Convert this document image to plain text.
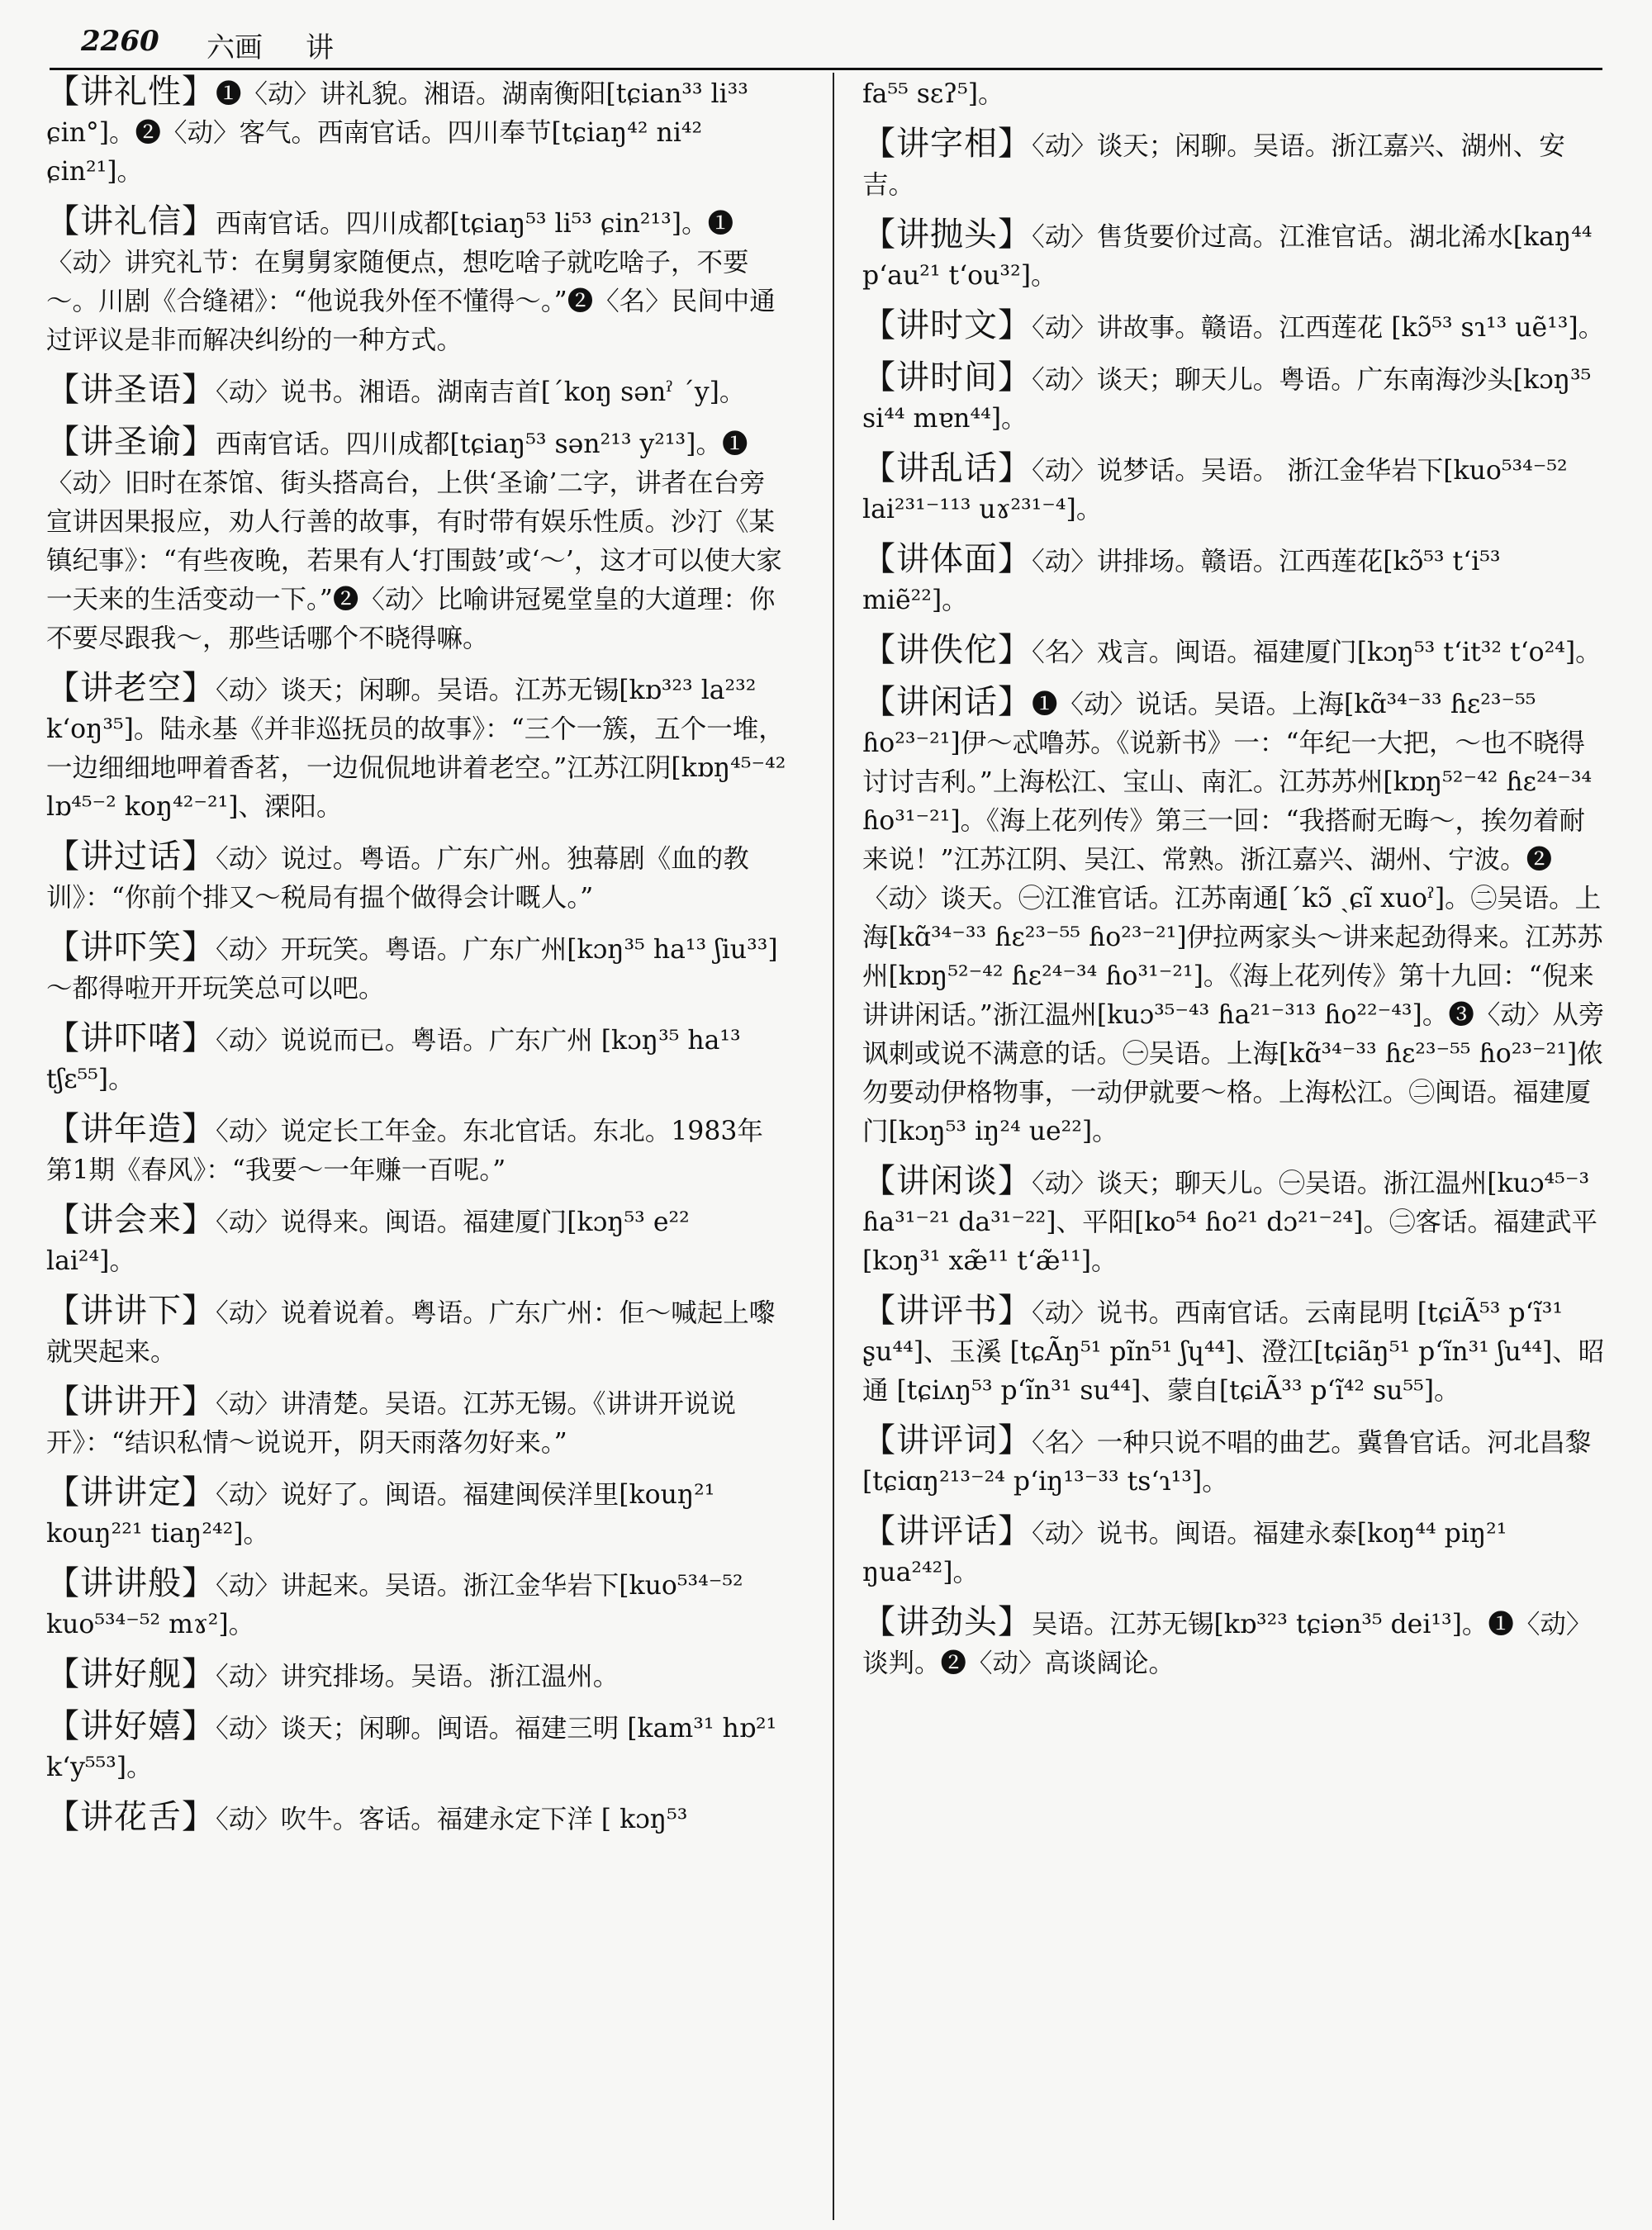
2260 六画 讲
【讲礼性】❶〈动〉讲礼貌。湘语。湖南衡阳[tɕian³³ li³³ ɕin°]。❷〈动〉客气。西南官话。四川奉节[tɕiaŋ⁴² ni⁴² ɕin²¹]。
【讲礼信】西南官话。四川成都[tɕiaŋ⁵³ li⁵³ ɕin²¹³]。❶〈动〉讲究礼节：在舅舅家随便点，想吃啥子就吃啥子，不要～。川剧《合缝裙》：“他说我外侄不懂得～。”❷〈名〉民间中通过评议是非而解决纠纷的一种方式。
【讲圣语】〈动〉说书。湘语。湖南吉首[ˊkoŋ sənˀ ˊy]。
【讲圣谕】西南官话。四川成都[tɕiaŋ⁵³ sən²¹³ y²¹³]。❶〈动〉旧时在茶馆、街头搭高台，上供‘圣谕’二字，讲者在台旁宣讲因果报应，劝人行善的故事，有时带有娱乐性质。沙汀《某镇纪事》：“有些夜晚，若果有人‘打围鼓’或‘～’，这才可以使大家一天来的生活变动一下。”❷〈动〉比喻讲冠冕堂皇的大道理：你不要尽跟我～，那些话哪个不晓得嘛。
【讲老空】〈动〉谈天；闲聊。吴语。江苏无锡[kɒ³²³ la²³² k‘oŋ³⁵]。陆永基《并非巡抚员的故事》：“三个一簇，五个一堆，一边细细地呷着香茗，一边侃侃地讲着老空。”江苏江阴[kɒŋ⁴⁵⁻⁴² lɒ⁴⁵⁻² koŋ⁴²⁻²¹]、溧阳。
【讲过话】〈动〉说过。粤语。广东广州。独幕剧《血的教训》：“你前个排又～税局有揾个做得会计嘅人。”
【讲吓笑】〈动〉开玩笑。粤语。广东广州[kɔŋ³⁵ ha¹³ ʃiu³³]～都得啦开开玩笑总可以吧。
【讲吓啫】〈动〉说说而已。粤语。广东广州 [kɔŋ³⁵ ha¹³ tʃɛ⁵⁵]。
【讲年造】〈动〉说定长工年金。东北官话。东北。1983年第1期《春风》：“我要～一年赚一百呢。”
【讲会来】〈动〉说得来。闽语。福建厦门[kɔŋ⁵³ e²² lai²⁴]。
【讲讲下】〈动〉说着说着。粤语。广东广州：佢～喊起上嚟就哭起来。
【讲讲开】〈动〉讲清楚。吴语。江苏无锡。《讲讲开说说开》：“结识私情～说说开，阴天雨落勿好来。”
【讲讲定】〈动〉说好了。闽语。福建闽侯洋里[kouŋ²¹ kouŋ²²¹ tiaŋ²⁴²]。
【讲讲般】〈动〉讲起来。吴语。浙江金华岩下[kuo⁵³⁴⁻⁵² kuo⁵³⁴⁻⁵² mɤ²]。
【讲好舰】〈动〉讲究排场。吴语。浙江温州。
【讲好嬉】〈动〉谈天；闲聊。闽语。福建三明 [kam³¹ hɒ²¹ k‘y⁵⁵³]。
【讲花舌】〈动〉吹牛。客话。福建永定下洋 [ kɔŋ⁵³
fa⁵⁵ sɛʔ⁵]。
【讲字相】〈动〉谈天；闲聊。吴语。浙江嘉兴、湖州、安吉。
【讲抛头】〈动〉售货要价过高。江淮官话。湖北浠水[kaŋ⁴⁴ p‘au²¹ t‘ou³²]。
【讲时文】〈动〉讲故事。赣语。江西莲花 [kɔ̃⁵³ sɿ¹³ uẽ¹³]。
【讲时间】〈动〉谈天；聊天儿。粤语。广东南海沙头[kɔŋ³⁵ si⁴⁴ mɐn⁴⁴]。
【讲乱话】〈动〉说梦话。吴语。 浙江金华岩下[kuo⁵³⁴⁻⁵² lai²³¹⁻¹¹³ uɤ²³¹⁻⁴]。
【讲体面】〈动〉讲排场。赣语。江西莲花[kɔ̃⁵³ t‘i⁵³ miẽ²²]。
【讲佚佗】〈名〉戏言。闽语。福建厦门[kɔŋ⁵³ t‘it³² t‘o²⁴]。
【讲闲话】❶〈动〉说话。吴语。上海[kɑ̃³⁴⁻³³ ɦɛ²³⁻⁵⁵ ɦo²³⁻²¹]伊～忒噜苏。《说新书》一：“年纪一大把，～也不晓得讨讨吉利。”上海松江、宝山、南汇。江苏苏州[kɒŋ⁵²⁻⁴² ɦɛ²⁴⁻³⁴ ɦo³¹⁻²¹]。《海上花列传》第三一回：“我搭耐无晦～，挨勿着耐来说！”江苏江阴、吴江、常熟。浙江嘉兴、湖州、宁波。❷〈动〉谈天。㊀江淮官话。江苏南通[ˊkɔ̃ ˏɕĩ xuoˀ]。㊁吴语。上海[kɑ̃³⁴⁻³³ ɦɛ²³⁻⁵⁵ ɦo²³⁻²¹]伊拉两家头～讲来起劲得来。江苏苏州[kɒŋ⁵²⁻⁴² ɦɛ²⁴⁻³⁴ ɦo³¹⁻²¹]。《海上花列传》第十九回：“倪来讲讲闲话。”浙江温州[kuɔ³⁵⁻⁴³ ɦa²¹⁻³¹³ ɦo²²⁻⁴³]。❸〈动〉从旁讽刺或说不满意的话。㊀吴语。上海[kɑ̃³⁴⁻³³ ɦɛ²³⁻⁵⁵ ɦo²³⁻²¹]侬勿要动伊格物事，一动伊就要～格。上海松江。㊁闽语。福建厦门[kɔŋ⁵³ iŋ²⁴ ue²²]。
【讲闲谈】〈动〉谈天；聊天儿。㊀吴语。浙江温州[kuɔ⁴⁵⁻³ ɦa³¹⁻²¹ da³¹⁻²²]、平阳[ko⁵⁴ ɦo²¹ dɔ²¹⁻²⁴]。㊁客话。福建武平[kɔŋ³¹ xæ̃¹¹ t‘æ̃¹¹]。
【讲评书】〈动〉说书。西南官话。云南昆明 [tɕiÃ⁵³ p‘ĩ³¹ ʂu⁴⁴]、玉溪 [tɕÃŋ⁵¹ pĩn⁵¹ ʃɥ⁴⁴]、澄江[tɕiãŋ⁵¹ p‘ĩn³¹ ʃu⁴⁴]、昭通 [tɕiʌŋ⁵³ p‘ĩn³¹ su⁴⁴]、蒙自[tɕiÃ³³ p‘ĩ⁴² su⁵⁵]。
【讲评词】〈名〉一种只说不唱的曲艺。冀鲁官话。河北昌黎[tɕiɑŋ²¹³⁻²⁴ p‘iŋ¹³⁻³³ ts‘ɿ¹³]。
【讲评话】〈动〉说书。闽语。福建永泰[koŋ⁴⁴ piŋ²¹ ŋua²⁴²]。
【讲劲头】吴语。江苏无锡[kɒ³²³ tɕiən³⁵ dei¹³]。❶〈动〉谈判。❷〈动〉高谈阔论。
